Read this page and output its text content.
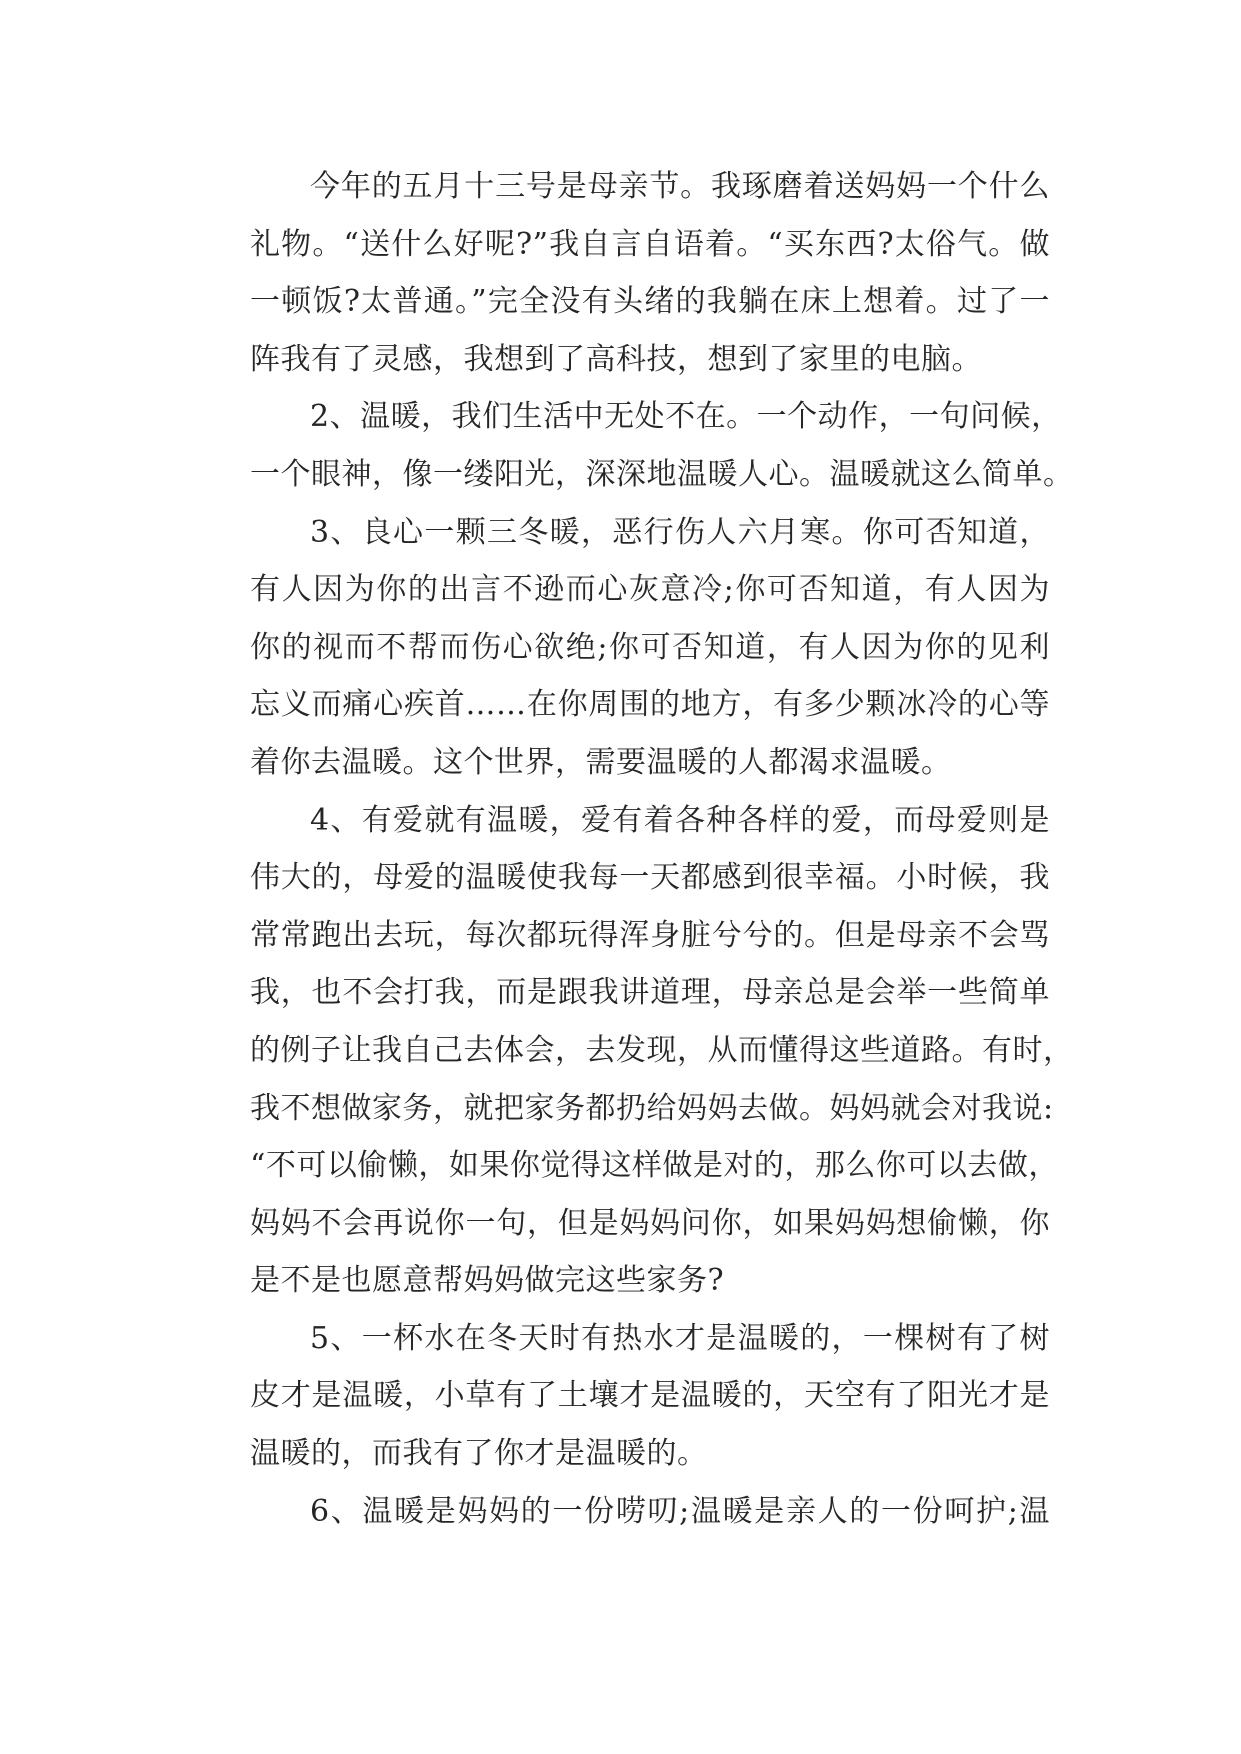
今年的五月十三号是母亲节。我琢磨着送妈妈一个什么
礼物。“送什么好呢?”我自言自语着。“买东西?太俗气。做
一顿饭?太普通。”完全没有头绪的我躺在床上想着。过了一
阵我有了灵感，我想到了高科技，想到了家里的电脑。

2、温暖，我们生活中无处不在。一个动作，一句问候，
一个眼神，像一缕阳光，深深地温暖人心。温暖就这么简单。

3、良心一颗三冬暖，恶行伤人六月寒。你可否知道，
有人因为你的出言不逊而心灰意冷;你可否知道，有人因为
你的视而不帮而伤心欲绝;你可否知道，有人因为你的见利
忘义而痛心疾首……在你周围的地方，有多少颗冰冷的心等
着你去温暖。这个世界，需要温暖的人都渴求温暖。

4、有爱就有温暖，爱有着各种各样的爱，而母爱则是
伟大的，母爱的温暖使我每一天都感到很幸福。小时候，我
常常跑出去玩，每次都玩得浑身脏兮兮的。但是母亲不会骂
我，也不会打我，而是跟我讲道理，母亲总是会举一些简单
的例子让我自己去体会，去发现，从而懂得这些道路。有时，
我不想做家务，就把家务都扔给妈妈去做。妈妈就会对我说:
“不可以偷懒，如果你觉得这样做是对的，那么你可以去做，
妈妈不会再说你一句，但是妈妈问你，如果妈妈想偷懒，你
是不是也愿意帮妈妈做完这些家务?

5、一杯水在冬天时有热水才是温暖的，一棵树有了树
皮才是温暖，小草有了土壤才是温暖的，天空有了阳光才是
温暖的，而我有了你才是温暖的。

6、温暖是妈妈的一份唠叨;温暖是亲人的一份呵护;温
